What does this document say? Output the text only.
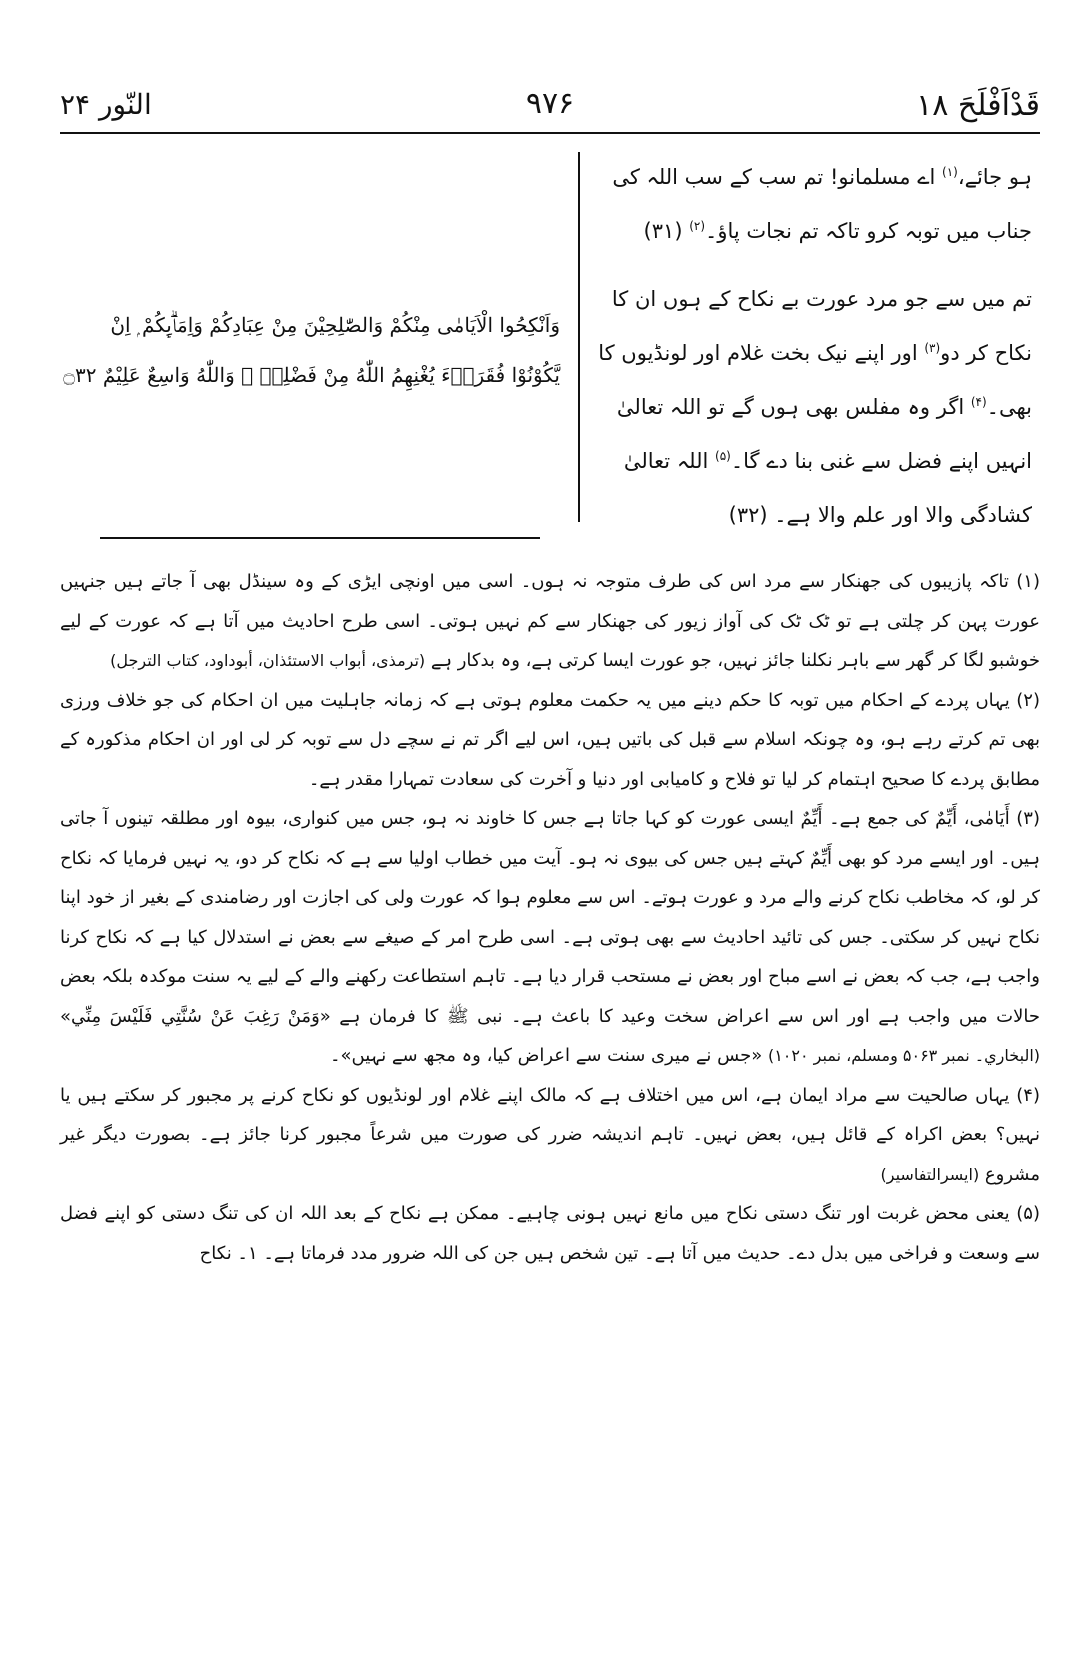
قَدْاَفْلَحَ ۱۸
۹۷۶
النّور ۲۴

ہو جائے،$^{(۱)}$ اے مسلمانو! تم سب کے سب اللہ کی جناب میں توبہ کرو تاکہ تم نجات پاؤ۔$^{(۲)}$ (۳۱)

تم میں سے جو مرد عورت بے نکاح کے ہوں ان کا نکاح کر دو$^{(۳)}$ اور اپنے نیک بخت غلام اور لونڈیوں کا بھی۔$^{(۴)}$ اگر وہ مفلس بھی ہوں گے تو اللہ تعالیٰ انہیں اپنے فضل سے غنی بنا دے گا۔$^{(۵)}$ اللہ تعالیٰ کشادگی والا اور علم والا ہے۔ (۳۲)

وَاَنْكِحُوا الْاَيَامٰى مِنْكُمْ وَالصّٰلِحِيْنَ مِنْ عِبَادِكُمْ وَاِمَاۗىِٕكُمْ ۭ اِنْ
يَّكُوْنُوْا فُقَرَاۗءَ يُغْنِهِمُ اللّٰهُ مِنْ فَضْلِهٖ ۭ وَاللّٰهُ وَاسِعٌ عَلِيْمٌ ۝۳۲

(۱) تاکہ پازیبوں کی جھنکار سے مرد اس کی طرف متوجہ نہ ہوں۔ اسی میں اونچی ایڑی کے وہ سینڈل بھی آ جاتے ہیں جنہیں عورت پہن کر چلتی ہے تو ٹک ٹک کی آواز زیور کی جھنکار سے کم نہیں ہوتی۔ اسی طرح احادیث میں آتا ہے کہ عورت کے لیے خوشبو لگا کر گھر سے باہر نکلنا جائز نہیں، جو عورت ایسا کرتی ہے، وہ بدکار ہے (ترمذی، أبواب الاستئذان، أبوداود، کتاب الترجل)

(۲) یہاں پردے کے احکام میں توبہ کا حکم دینے میں یہ حکمت معلوم ہوتی ہے کہ زمانہ جاہلیت میں ان احکام کی جو خلاف ورزی بھی تم کرتے رہے ہو، وہ چونکہ اسلام سے قبل کی باتیں ہیں، اس لیے اگر تم نے سچے دل سے توبہ کر لی اور ان احکام مذکورہ کے مطابق پردے کا صحیح اہتمام کر لیا تو فلاح و کامیابی اور دنیا و آخرت کی سعادت تمہارا مقدر ہے۔

(۳) أَيَامٰى، أَيِّمٌ کی جمع ہے۔ أَيِّمٌ ایسی عورت کو کہا جاتا ہے جس کا خاوند نہ ہو، جس میں کنواری، بیوہ اور مطلقہ تینوں آ جاتی ہیں۔ اور ایسے مرد کو بھی أَيِّمٌ کہتے ہیں جس کی بیوی نہ ہو۔ آیت میں خطاب اولیا سے ہے کہ نکاح کر دو، یہ نہیں فرمایا کہ نکاح کر لو، کہ مخاطب نکاح کرنے والے مرد و عورت ہوتے۔ اس سے معلوم ہوا کہ عورت ولی کی اجازت اور رضامندی کے بغیر از خود اپنا نکاح نہیں کر سکتی۔ جس کی تائید احادیث سے بھی ہوتی ہے۔ اسی طرح امر کے صیغے سے بعض نے استدلال کیا ہے کہ نکاح کرنا واجب ہے، جب کہ بعض نے اسے مباح اور بعض نے مستحب قرار دیا ہے۔ تاہم استطاعت رکھنے والے کے لیے یہ سنت موکدہ بلکہ بعض حالات میں واجب ہے اور اس سے اعراض سخت وعید کا باعث ہے۔ نبی ﷺ کا فرمان ہے «وَمَنْ رَغِبَ عَنْ سُنَّتِي فَلَيْسَ مِنِّي» (البخاري۔ نمبر ۵۰۶۳ ومسلم، نمبر ۱۰۲۰) «جس نے میری سنت سے اعراض کیا، وہ مجھ سے نہیں»۔

(۴) یہاں صالحیت سے مراد ایمان ہے، اس میں اختلاف ہے کہ مالک اپنے غلام اور لونڈیوں کو نکاح کرنے پر مجبور کر سکتے ہیں یا نہیں؟ بعض اکراہ کے قائل ہیں، بعض نہیں۔ تاہم اندیشہ ضرر کی صورت میں شرعاً مجبور کرنا جائز ہے۔ بصورت دیگر غیر مشروع (ایسرالتفاسیر)

(۵) یعنی محض غربت اور تنگ دستی نکاح میں مانع نہیں ہونی چاہیے۔ ممکن ہے نکاح کے بعد اللہ ان کی تنگ دستی کو اپنے فضل سے وسعت و فراخی میں بدل دے۔ حدیث میں آتا ہے۔ تین شخص ہیں جن کی اللہ ضرور مدد فرماتا ہے۔ ۱۔ نکاح
